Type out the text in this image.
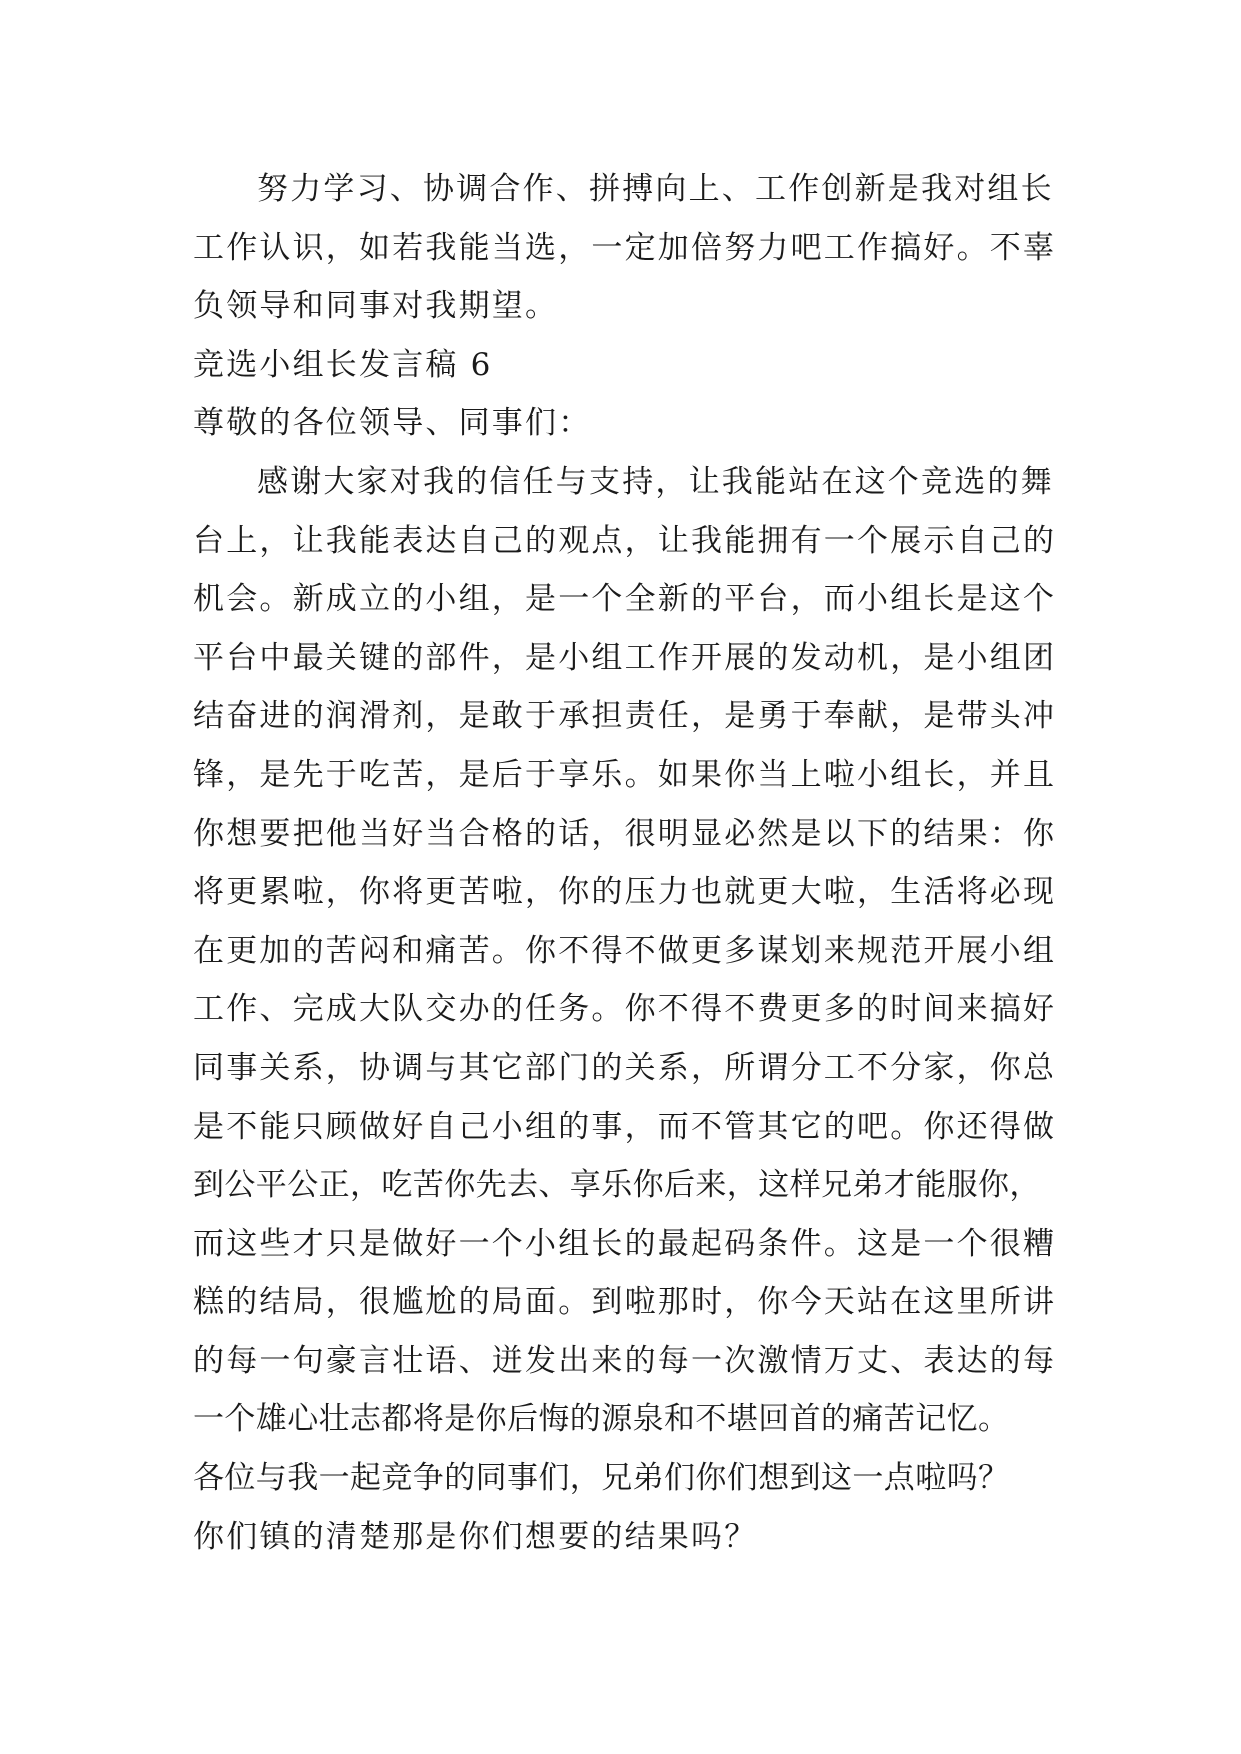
努力学习、协调合作、拼搏向上、工作创新是我对组长
工作认识，如若我能当选，一定加倍努力吧工作搞好。不辜
负领导和同事对我期望。
竞选小组长发言稿 6
尊敬的各位领导、同事们：
感谢大家对我的信任与支持，让我能站在这个竞选的舞
台上，让我能表达自己的观点，让我能拥有一个展示自己的
机会。新成立的小组，是一个全新的平台，而小组长是这个
平台中最关键的部件，是小组工作开展的发动机，是小组团
结奋进的润滑剂，是敢于承担责任，是勇于奉献，是带头冲
锋，是先于吃苦，是后于享乐。如果你当上啦小组长，并且
你想要把他当好当合格的话，很明显必然是以下的结果：你
将更累啦，你将更苦啦，你的压力也就更大啦，生活将必现
在更加的苦闷和痛苦。你不得不做更多谋划来规范开展小组
工作、完成大队交办的任务。你不得不费更多的时间来搞好
同事关系，协调与其它部门的关系，所谓分工不分家，你总
是不能只顾做好自己小组的事，而不管其它的吧。你还得做
到公平公正，吃苦你先去、享乐你后来，这样兄弟才能服你，
而这些才只是做好一个小组长的最起码条件。这是一个很糟
糕的结局，很尴尬的局面。到啦那时，你今天站在这里所讲
的每一句豪言壮语、迸发出来的每一次激情万丈、表达的每
一个雄心壮志都将是你后悔的源泉和不堪回首的痛苦记忆。
各位与我一起竞争的同事们，兄弟们你们想到这一点啦吗？
你们镇的清楚那是你们想要的结果吗？
